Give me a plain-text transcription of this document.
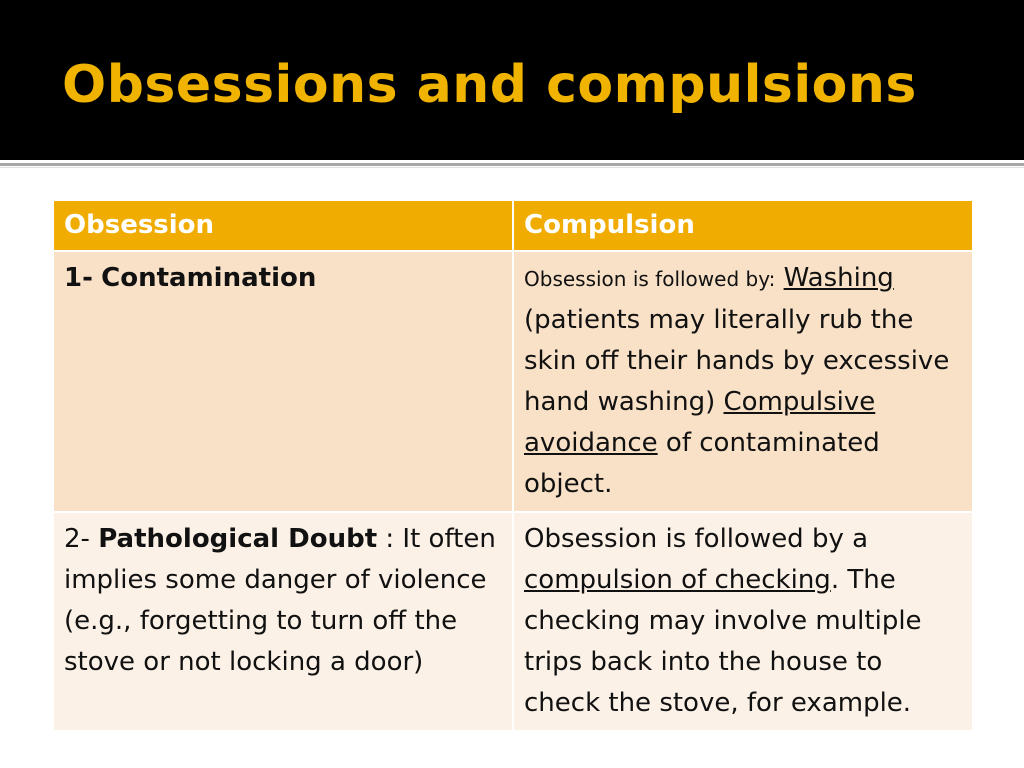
Obsessions and compulsions
Obsession	Compulsion
1- Contamination	Obsession is followed by: Washing (patients may literally rub the skin off their hands by excessive hand washing) Compulsive avoidance of contaminated object.
2- Pathological Doubt : It often implies some danger of violence (e.g., forgetting to turn off the stove or not locking a door)	Obsession is followed by a compulsion of checking. The checking may involve multiple trips back into the house to check the stove, for example.
